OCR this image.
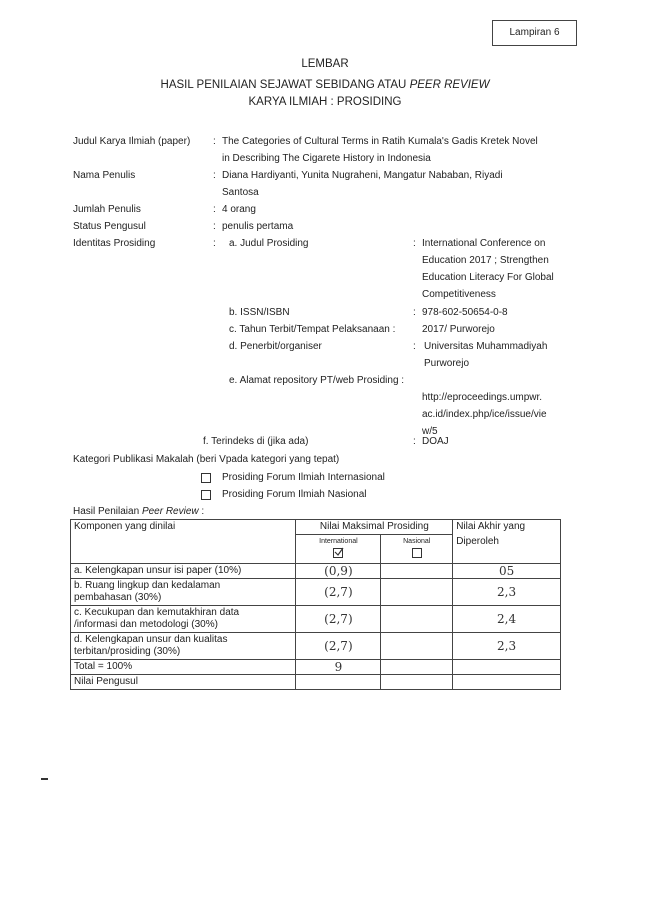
Lampiran 6
LEMBAR
HASIL PENILAIAN SEJAWAT SEBIDANG ATAU PEER REVIEW
KARYA ILMIAH : PROSIDING
Judul Karya Ilmiah (paper) : The Categories of Cultural Terms in Ratih Kumala's Gadis Kretek Novel
in Describing The Cigarete History in Indonesia
Nama Penulis	: Diana Hardiyanti, Yunita Nugraheni, Mangatur Nababan, Riyadi
Santosa
Jumlah Penulis	: 4 orang
Status Pengusul	: penulis pertama
Identitas Prosiding	: a. Judul Prosiding	: International Conference on
Education 2017 ; Strengthen
Education Literacy For Global
Competitiveness
b. ISSN/ISBN	: 978-602-50654-0-8
c. Tahun Terbit/Tempat Pelaksanaan :	2017/ Purworejo
d. Penerbit/organiser	: Universitas Muhammadiyah
Purworejo
e. Alamat repository PT/web Prosiding :
http://eproceedings.umpwr.
ac.id/index.php/ice/issue/vie
w/5
f. Terindeks di (jika ada)	: DOAJ
Kategori Publikasi Makalah (beri Vpada kategori yang tepat)
Prosiding Forum Ilmiah Internasional
Prosiding Forum Ilmiah Nasional
Hasil Penilaian Peer Review :
Komponen yang dinilai	Nilai Maksimal Prosiding		Nilai Akhir yang
Diperoleh

	International	Nasional	

a. Kelengkapan unsur isi paper (10%)	(0,9)		05

b. Ruang lingkup dan kedalaman
pembahasan (30%)	(2,7)		2,3

c. Kecukupan dan kemutakhiran data
/informasi dan metodologi (30%)	(2,7)		2,4

d. Kelengkapan unsur dan kualitas
terbitan/prosiding (30%)	(2,7)		2,3
Total = 100%	9		
Nilai Pengusul			
